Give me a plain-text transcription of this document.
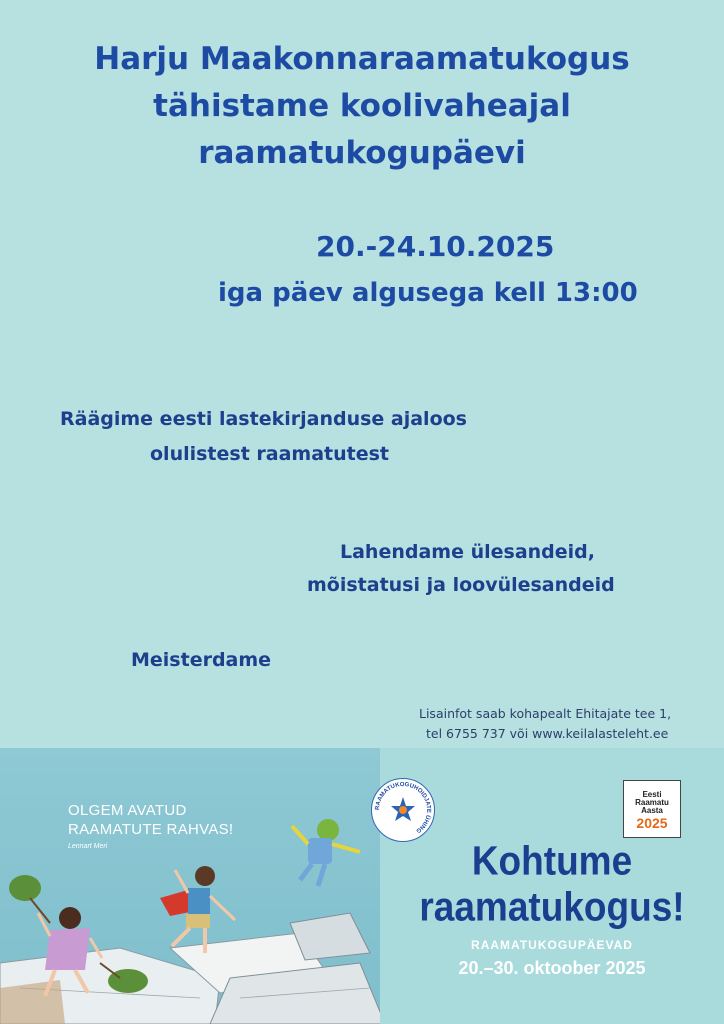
Harju Maakonnaraamatukogus
tähistame koolivaheajal
raamatukogupäevi
20.-24.10.2025
iga päev algusega kell 13:00
Räägime eesti lastekirjanduse ajaloos
olulistest raamatutest
Lahendame ülesandeid,
mõistatusi ja loovülesandeid
Meisterdame
Lisainfot saab kohapealt Ehitajate tee 1,
tel 6755 737 või www.keilalasteleht.ee
OLGEM AVATUD
RAAMATUTE RAHVAS!
Lennart Meri
RAAMATUKOGUHOIDJATE ÜHING
Eesti
Raamatu
Aasta
2025
Kohtume
raamatukogus!
RAAMATUKOGUPÄEVAD
20.–30. oktoober 2025
